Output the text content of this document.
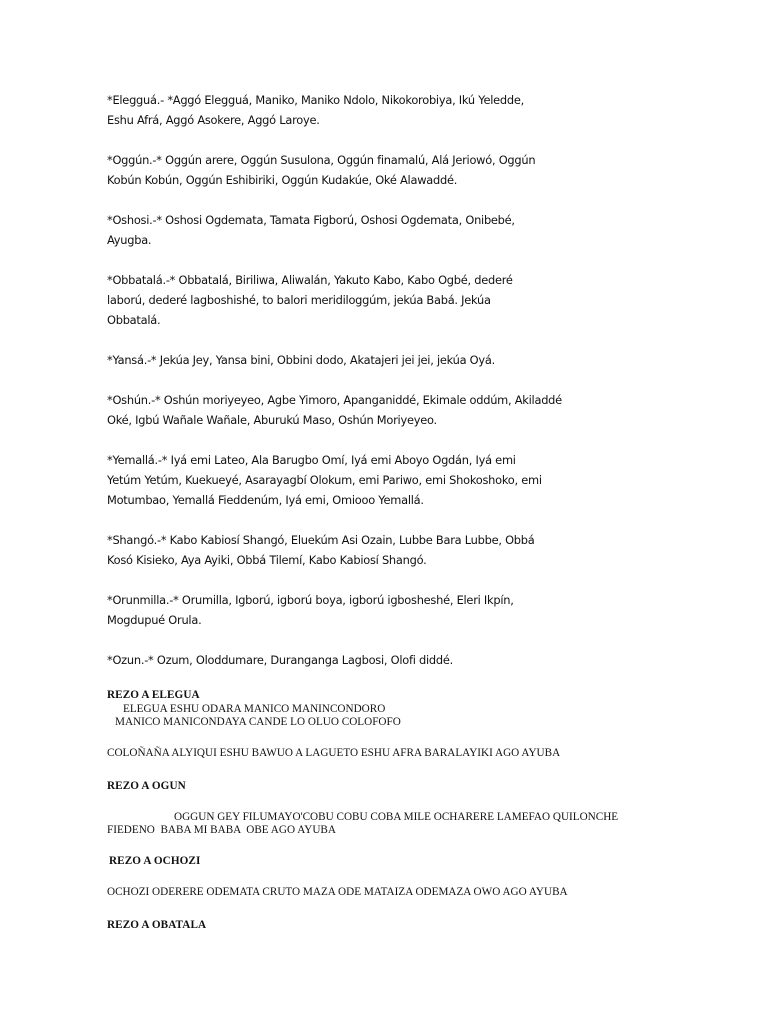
*Elegguá.- *Aggó Elegguá, Maniko, Maniko Ndolo, Nikokorobiya, Ikú Yeledde,
Eshu Afrá, Aggó Asokere, Aggó Laroye.
*Oggún.-* Oggún arere, Oggún Susulona, Oggún finamalú, Alá Jeriowó, Oggún
Kobún Kobún, Oggún Eshibiriki, Oggún Kudakúe, Oké Alawaddé.
*Oshosi.-* Oshosi Ogdemata, Tamata Figború, Oshosi Ogdemata, Onibebé,
Ayugba.
*Obbatalá.-* Obbatalá, Biriliwa, Aliwalán, Yakuto Kabo, Kabo Ogbé, dederé
laború, dederé lagboshishé, to balori meridiloggúm, jekúa Babá. Jekúa
Obbatalá.
*Yansá.-* Jekúa Jey, Yansa bini, Obbini dodo, Akatajeri jei jei, jekúa Oyá.
*Oshún.-* Oshún moriyeyeo, Agbe Yimoro, Apanganiddé, Ekimale oddúm, Akiladdé
Oké, Igbú Wañale Wañale, Aburukú Maso, Oshún Moriyeyeo.
*Yemallá.-* Iyá emi Lateo, Ala Barugbo Omí, Iyá emi Aboyo Ogdán, Iyá emi
Yetúm Yetúm, Kuekueyé, Asarayagbí Olokum, emi Pariwo, emi Shokoshoko, emi
Motumbao, Yemallá Fieddenúm, Iyá emi, Omiooo Yemallá.
*Shangó.-* Kabo Kabiosí Shangó, Eluekúm Asi Ozain, Lubbe Bara Lubbe, Obbá
Kosó Kisieko, Aya Ayiki, Obbá Tilemí, Kabo Kabiosí Shangó.
*Orunmilla.-* Orumilla, Igború, igború boya, igború igbosheshé, Eleri Ikpín,
Mogdupué Orula.
*Ozun.-* Ozum, Oloddumare, Duranganga Lagbosi, Olofi diddé.
REZO A ELEGUA
ELEGUA ESHU ODARA MANICO MANINCONDORO
MANICO MANICONDAYA CANDE LO OLUO COLOFOFO
COLOÑAÑA ALYIQUI ESHU BAWUO A LAGUETO ESHU AFRA BARALAYIKI AGO AYUBA
REZO A OGUN
OGGUN GEY FILUMAYO'COBU COBU COBA MILE OCHARERE LAMEFAO QUILONCHE
FIEDENO  BABA MI BABA  OBE AGO AYUBA
REZO A OCHOZI
OCHOZI ODERERE ODEMATA CRUTO MAZA ODE MATAIZA ODEMAZA OWO AGO AYUBA
REZO A OBATALA
